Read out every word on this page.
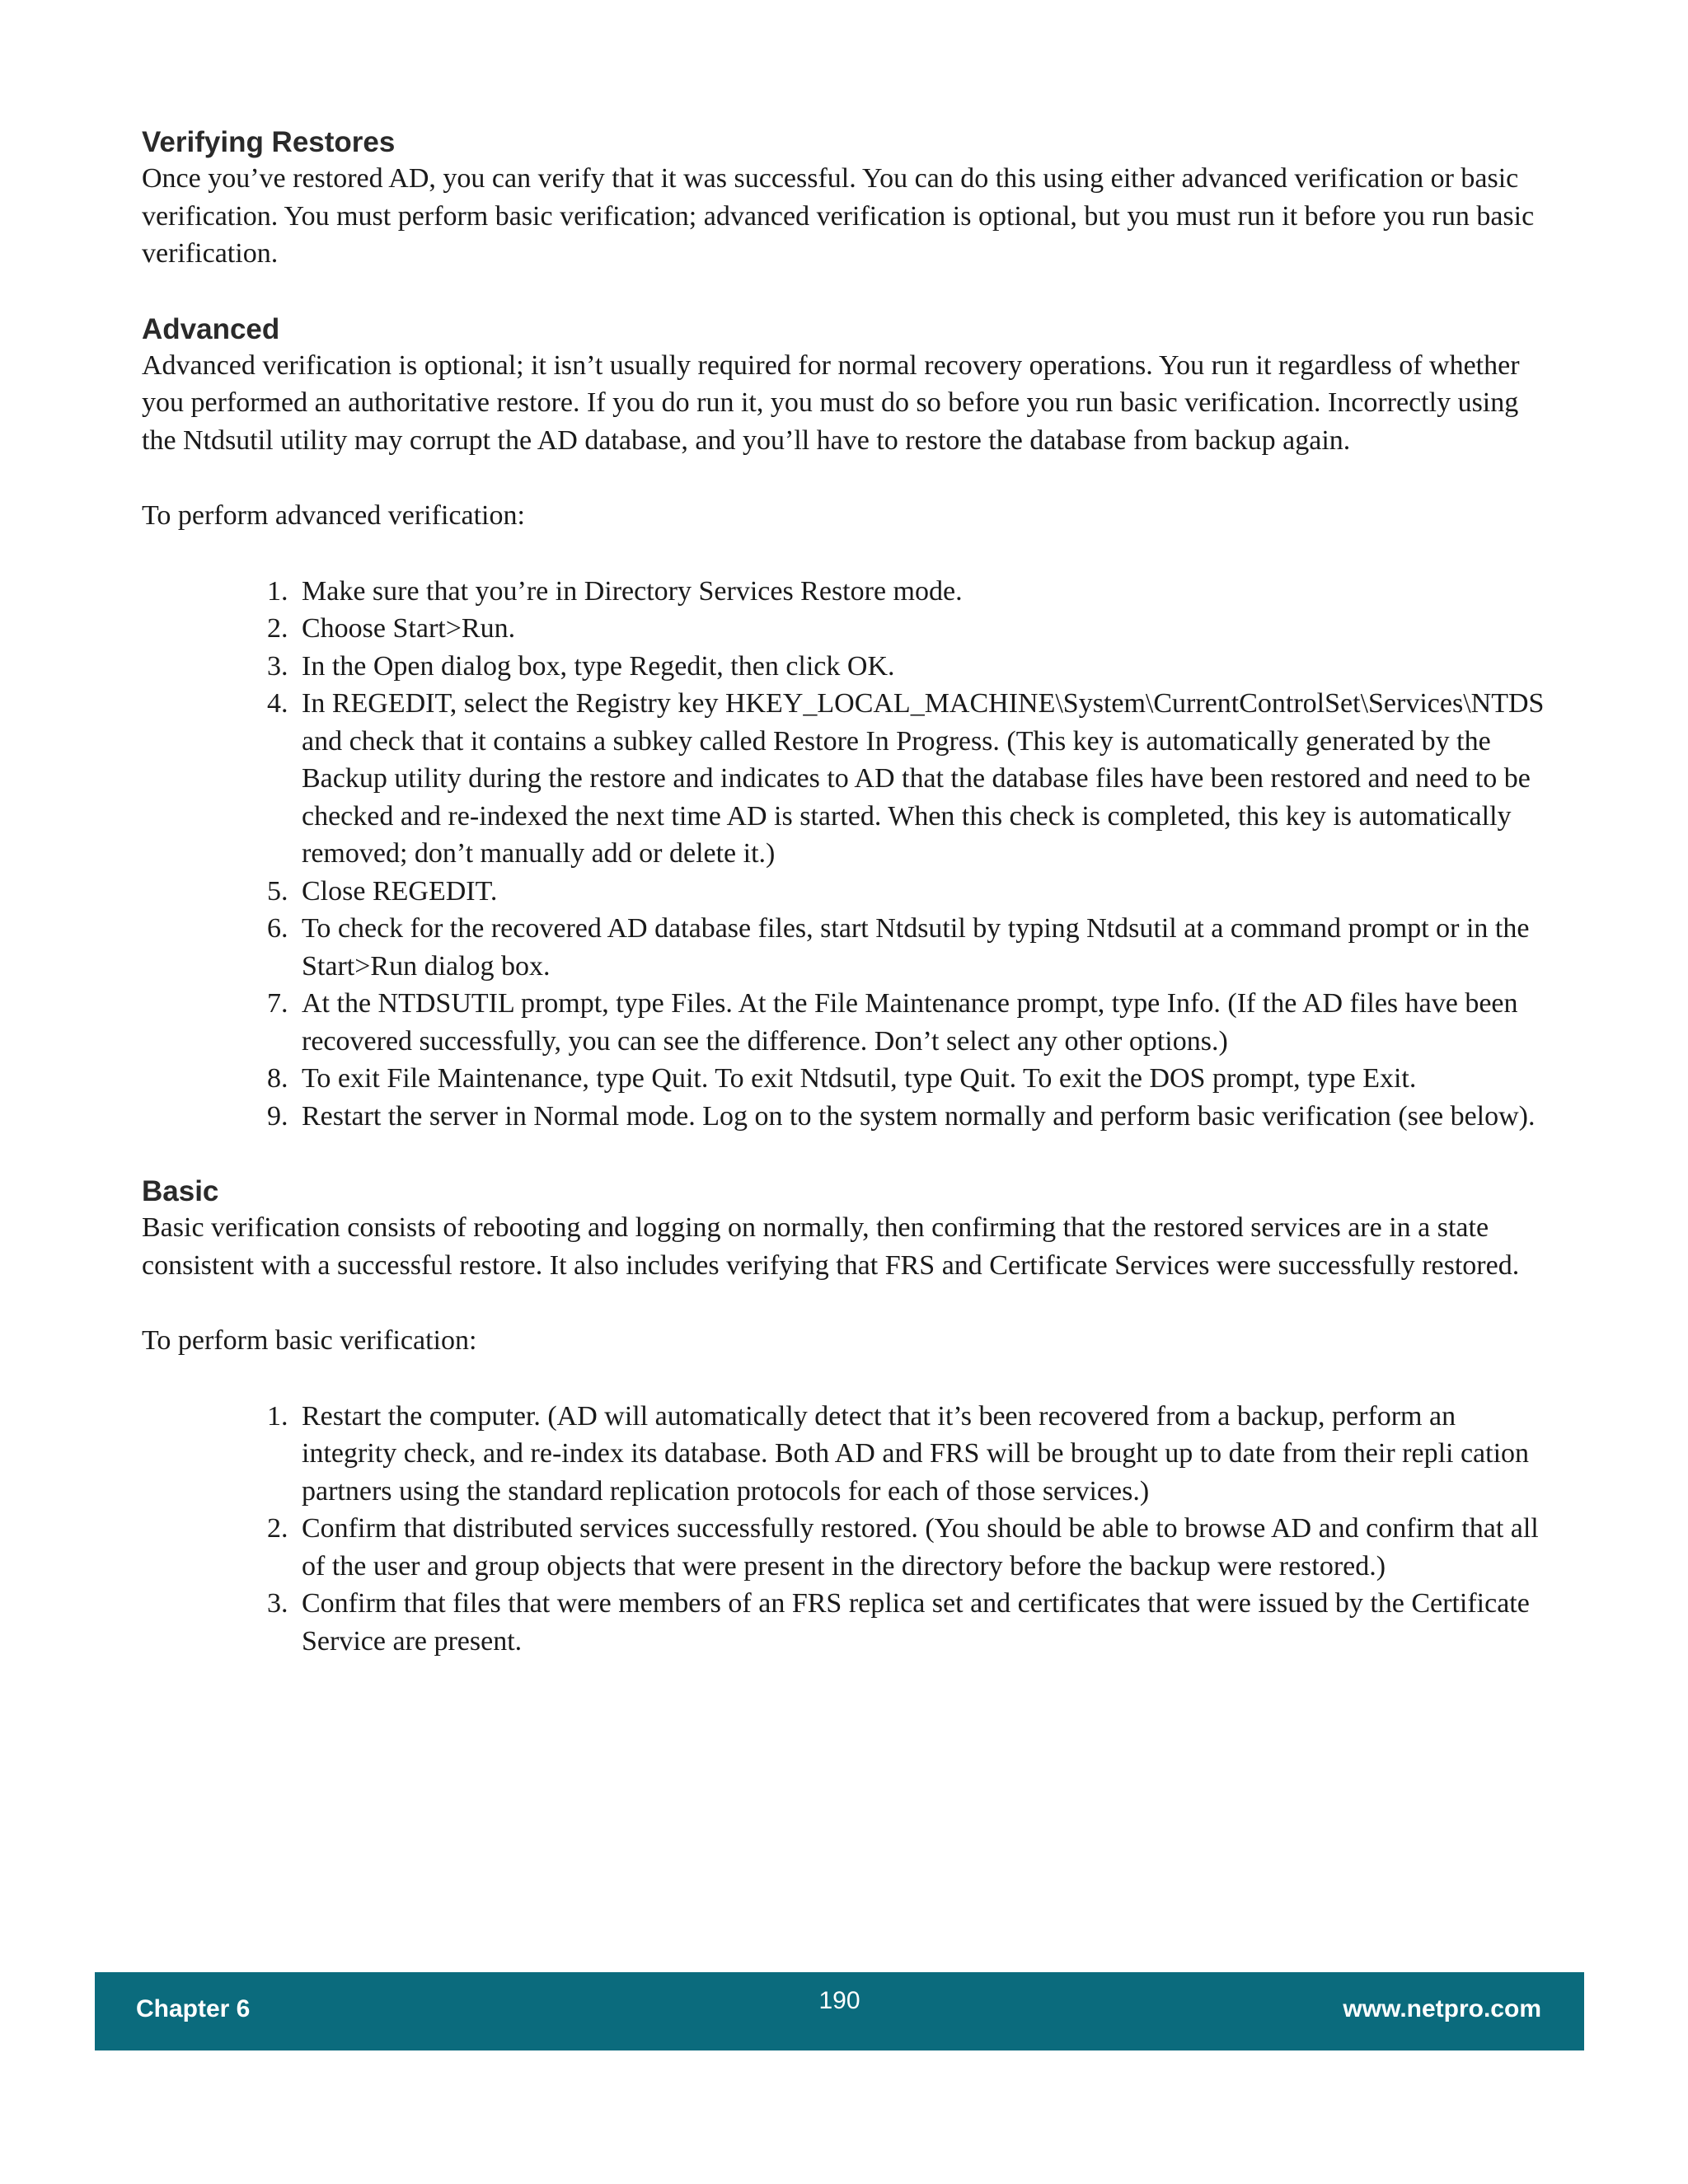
Verifying Restores

Once you’ve restored AD, you can verify that it was successful. You can do this using either advanced verification or basic verification. You must perform basic verification; advanced verification is optional, but you must run it before you run basic verification.

Advanced

Advanced verification is optional; it isn’t usually required for normal recovery operations. You run it regardless of whether you performed an authoritative restore. If you do run it, you must do so before you run basic verification. Incorrectly using the Ntdsutil utility may corrupt the AD database, and you’ll have to restore the database from backup again.

To perform advanced verification:

1. Make sure that you’re in Directory Services Restore mode.
2. Choose Start>Run.
3. In the Open dialog box, type Regedit, then click OK.
4. In REGEDIT, select the Registry key HKEY_LOCAL_MACHINE\System\CurrentControlSet\Services\NTDS and check that it contains a subkey called Restore In Progress. (This key is automatically generated by the Backup utility during the restore and indicates to AD that the database files have been restored and need to be checked and re-indexed the next time AD is started. When this check is completed, this key is automatically removed; don’t manually add or delete it.)
5. Close REGEDIT.
6. To check for the recovered AD database files, start Ntdsutil by typing Ntdsutil at a command prompt or in the Start>Run dialog box.
7. At the NTDSUTIL prompt, type Files. At the File Maintenance prompt, type Info. (If the AD files have been recovered successfully, you can see the difference. Don’t select any other options.)
8. To exit File Maintenance, type Quit. To exit Ntdsutil, type Quit. To exit the DOS prompt, type Exit.
9. Restart the server in Normal mode. Log on to the system normally and perform basic verification (see below).
Basic

Basic verification consists of rebooting and logging on normally, then confirming that the restored services are in a state consistent with a successful restore. It also includes verifying that FRS and Certificate Services were successfully restored.

To perform basic verification:

1. Restart the computer. (AD will automatically detect that it’s been recovered from a backup, perform an integrity check, and re-index its database. Both AD and FRS will be brought up to date from their repli cation partners using the standard replication protocols for each of those services.)
2. Confirm that distributed services successfully restored. (You should be able to browse AD and confirm that all of the user and group objects that were present in the directory before the backup were restored.)
3. Confirm that files that were members of an FRS replica set and certificates that were issued by the Certificate Service are present.
Chapter 6	190	www.netpro.com
